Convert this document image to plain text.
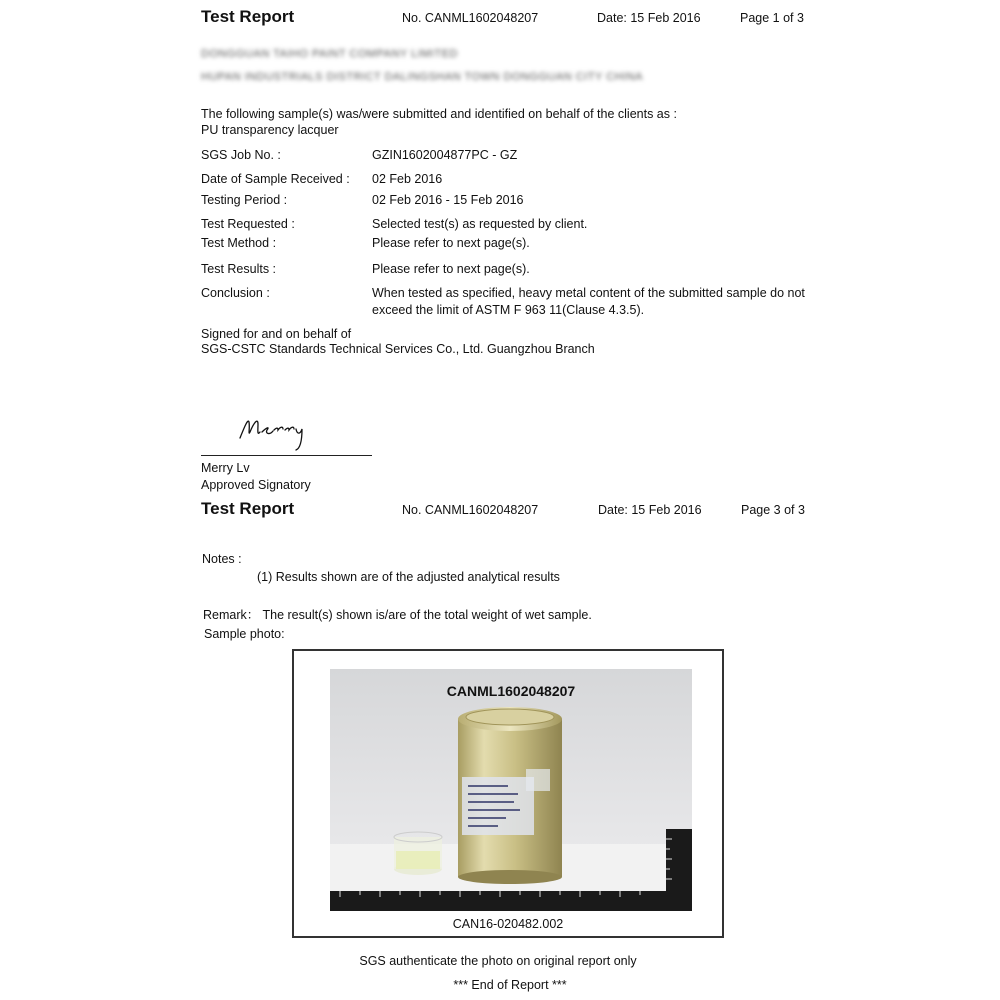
Test Report	No. CANML1602048207	Date: 15 Feb 2016	Page 1 of 3
DONGGUAN TAIHO PAINT COMPANY LIMITED
HUPAN INDUSTRIALS DISTRICT DALINGSHAN TOWN DONGGUAN CITY CHINA
The following sample(s) was/were submitted and identified on behalf of the clients as :
PU transparency lacquer
SGS Job No. :	GZIN1602004877PC - GZ
Date of Sample Received : 02 Feb 2016
Testing Period :	02 Feb 2016 - 15 Feb 2016
Test Requested :	Selected test(s) as requested by client.
Test Method :	Please refer to next page(s).
Test Results :	Please refer to next page(s).
Conclusion :	When tested as specified, heavy metal content of the submitted sample do not
exceed the limit of ASTM F 963 11(Clause 4.3.5).
Signed for and on behalf of
SGS-CSTC Standards Technical Services Co., Ltd. Guangzhou Branch
Merry Lv
Approved Signatory
Test Report	No. CANML1602048207	Date: 15 Feb 2016	Page 3 of 3
Notes :
(1) Results shown are of the adjusted analytical results
Remark： The result(s) shown is/are of the total weight of wet sample.
Sample photo:
CANML1602048207
CAN16-020482.002
SGS authenticate the photo on original report only
*** End of Report ***
